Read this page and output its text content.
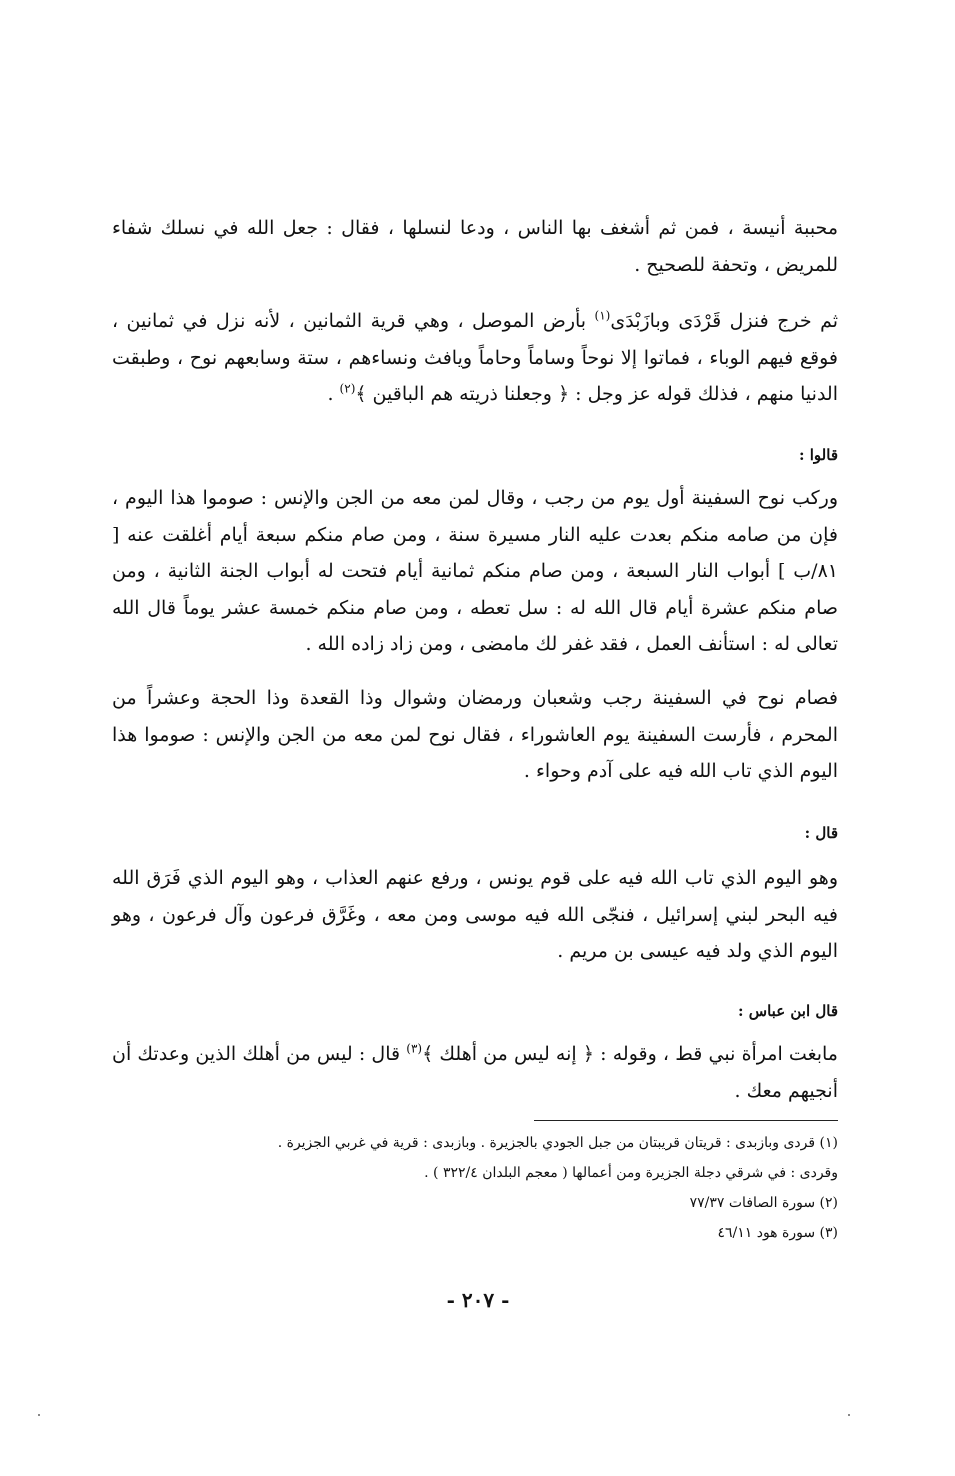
محببة أنيسة ، فمن ثم أشغف بها الناس ، ودعا لنسلها ، فقال : جعل الله في نسلك شفاء للمريض ، وتحفة للصحيح .

ثم خرج فنزل قَرْدَى وبازَبْدَى$^{(١)}$ بأرض الموصل ، وهي قرية الثمانين ، لأنه نزل في ثمانين ، فوقع فيهم الوباء ، فماتوا إلا نوحاً وساماً وحاماً ويافث ونساءهم ، ستة وسابعهم نوح ، وطبقت الدنيا منهم ، فذلك قوله عز وجل : ﴿ وجعلنا ذريته هم الباقين ﴾$^{(٢)}$ .

قالوا :

ورکب نوح السفينة أول يوم من رجب ، وقال لمن معه من الجن والإنس : صوموا هذا اليوم ، فإن من صامه منكم بعدت عليه النار مسيرة سنة ، ومن صام منكم سبعة أيام أغلقت عنه [ ٨١/ب ] أبواب النار السبعة ، ومن صام منكم ثمانية أيام فتحت له أبواب الجنة الثانية ، ومن صام منكم عشرة أيام قال الله له : سل تعطه ، ومن صام منكم خمسة عشر يوماً قال الله تعالى له : استأنف العمل ، فقد غفر لك مامضى ، ومن زاد زاده الله .

فصام نوح في السفينة رجب وشعبان ورمضان وشوال وذا القعدة وذا الحجة وعشراً من المحرم ، فأرست السفينة يوم العاشوراء ، فقال نوح لمن معه من الجن والإنس : صوموا هذا اليوم الذي تاب الله فيه على آدم وحواء .

قال :

وهو اليوم الذي تاب الله فيه على قوم يونس ، ورفع عنهم العذاب ، وهو اليوم الذي فَرَق الله فيه البحر لبني إسرائيل ، فنجّى الله فيه موسى ومن معه ، وغَرَّق فرعون وآل فرعون ، وهو اليوم الذي ولد فيه عيسى بن مريم .

قال ابن عباس :

مابغت امرأة نبي قط ، وقوله : ﴿ إنه ليس من أهلك ﴾$^{(٣)}$ قال : ليس من أهلك الذين وعدتك أن أنجيهم معك .

(١) قردى وبازبدى : قريتان قريبتان من جبل الجودي بالجزيرة . وبازبدى : قرية في غربي الجزيرة .
وقردى : في شرقي دجلة الجزيرة ومن أعمالها ( معجم البلدان ٣٢٢/٤ ) .
(٢) سورة الصافات ٧٧/٣٧
(٣) سورة هود ٤٦/١١
- ٢٠٧ -
